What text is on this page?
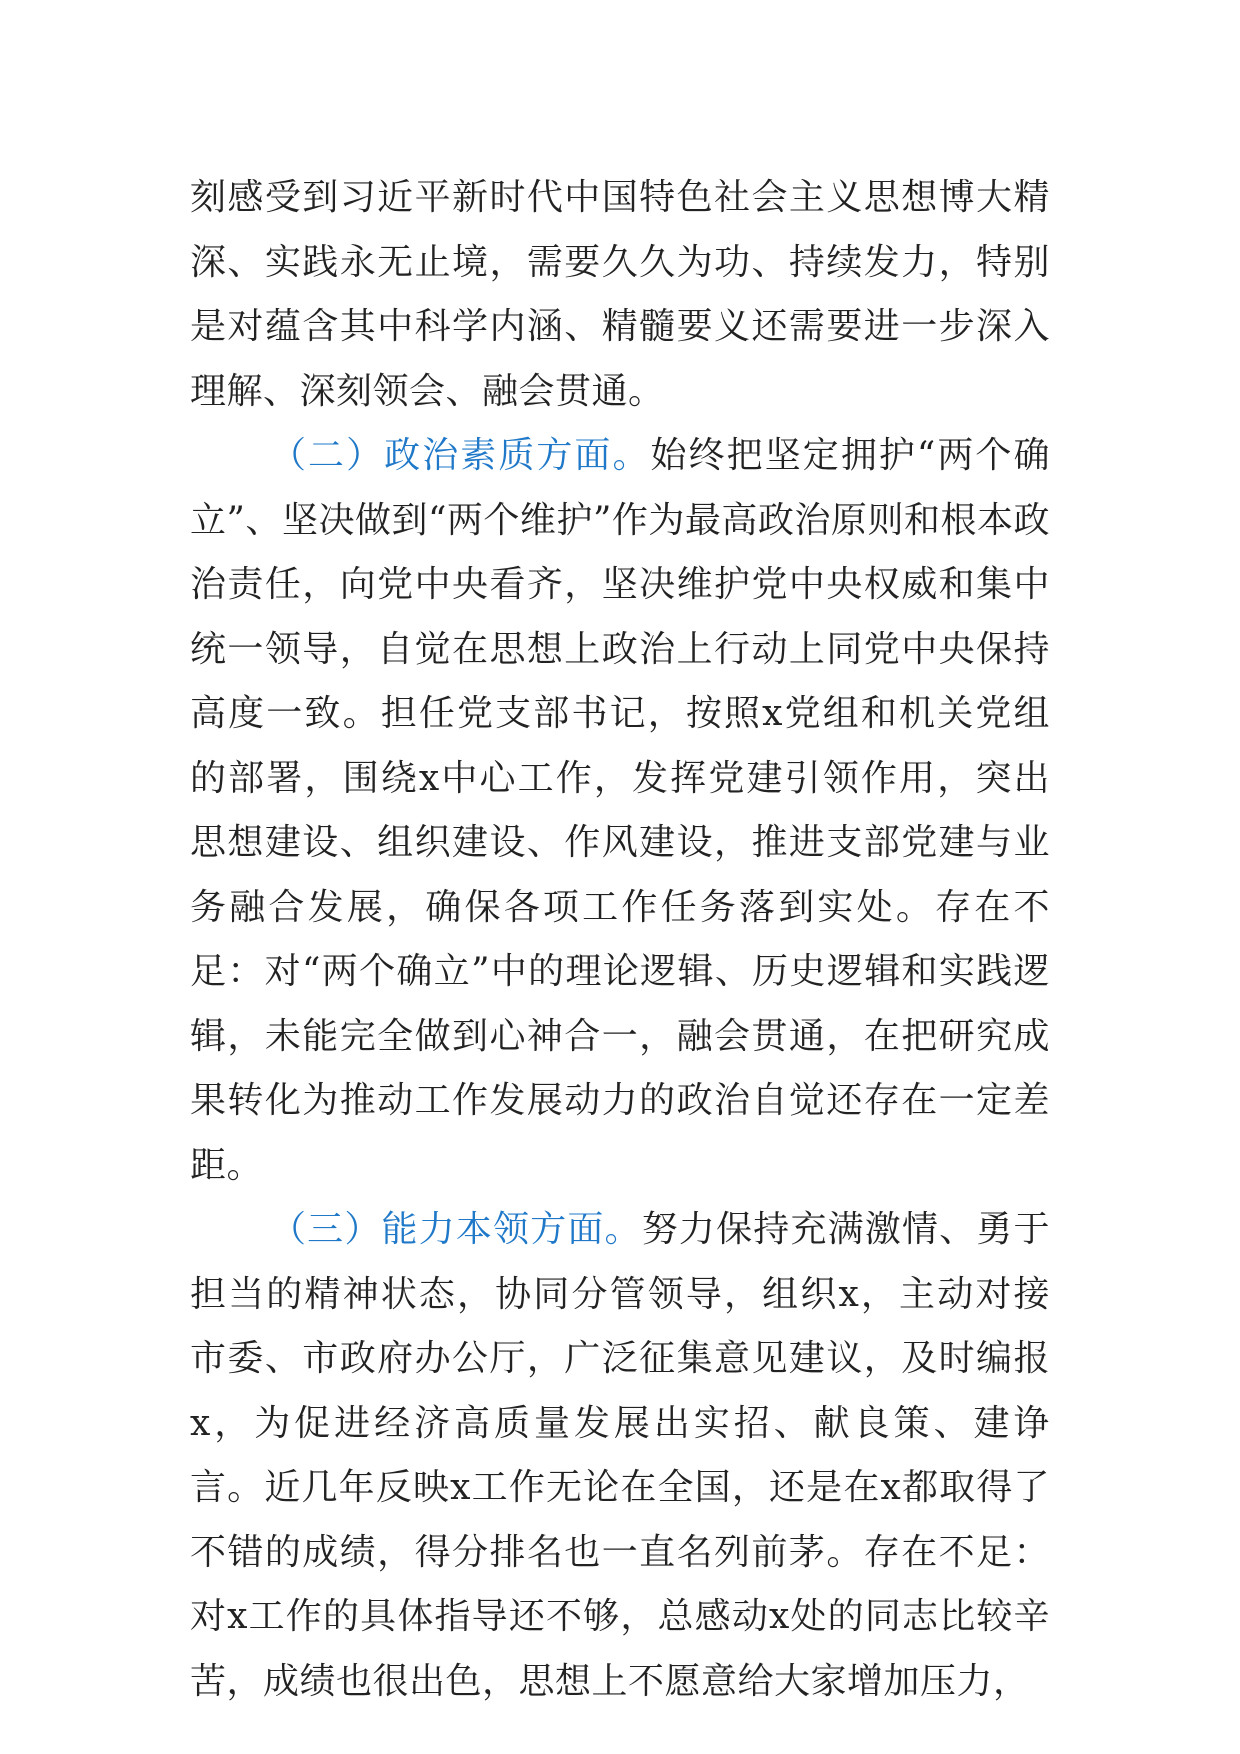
刻感受到习近平新时代中国特色社会主义思想博大精深、实践永无止境，需要久久为功、持续发力，特别是对蕴含其中科学内涵、精髓要义还需要进一步深入理解、深刻领会、融会贯通。

（二）政治素质方面。始终把坚定拥护“两个确立”、坚决做到“两个维护”作为最高政治原则和根本政治责任，向党中央看齐，坚决维护党中央权威和集中统一领导，自觉在思想上政治上行动上同党中央保持高度一致。担任党支部书记，按照x党组和机关党组的部署，围绕x中心工作，发挥党建引领作用，突出思想建设、组织建设、作风建设，推进支部党建与业务融合发展，确保各项工作任务落到实处。存在不足：对“两个确立”中的理论逻辑、历史逻辑和实践逻辑，未能完全做到心神合一，融会贯通，在把研究成果转化为推动工作发展动力的政治自觉还存在一定差距。

（三）能力本领方面。努力保持充满激情、勇于担当的精神状态，协同分管领导，组织x，主动对接市委、市政府办公厅，广泛征集意见建议，及时编报x，为促进经济高质量发展出实招、献良策、建诤言。近几年反映x工作无论在全国，还是在x都取得了不错的成绩，得分排名也一直名列前茅。存在不足：对x工作的具体指导还不够，总感动x处的同志比较辛苦，成绩也很出色，思想上不愿意给大家增加压力，
